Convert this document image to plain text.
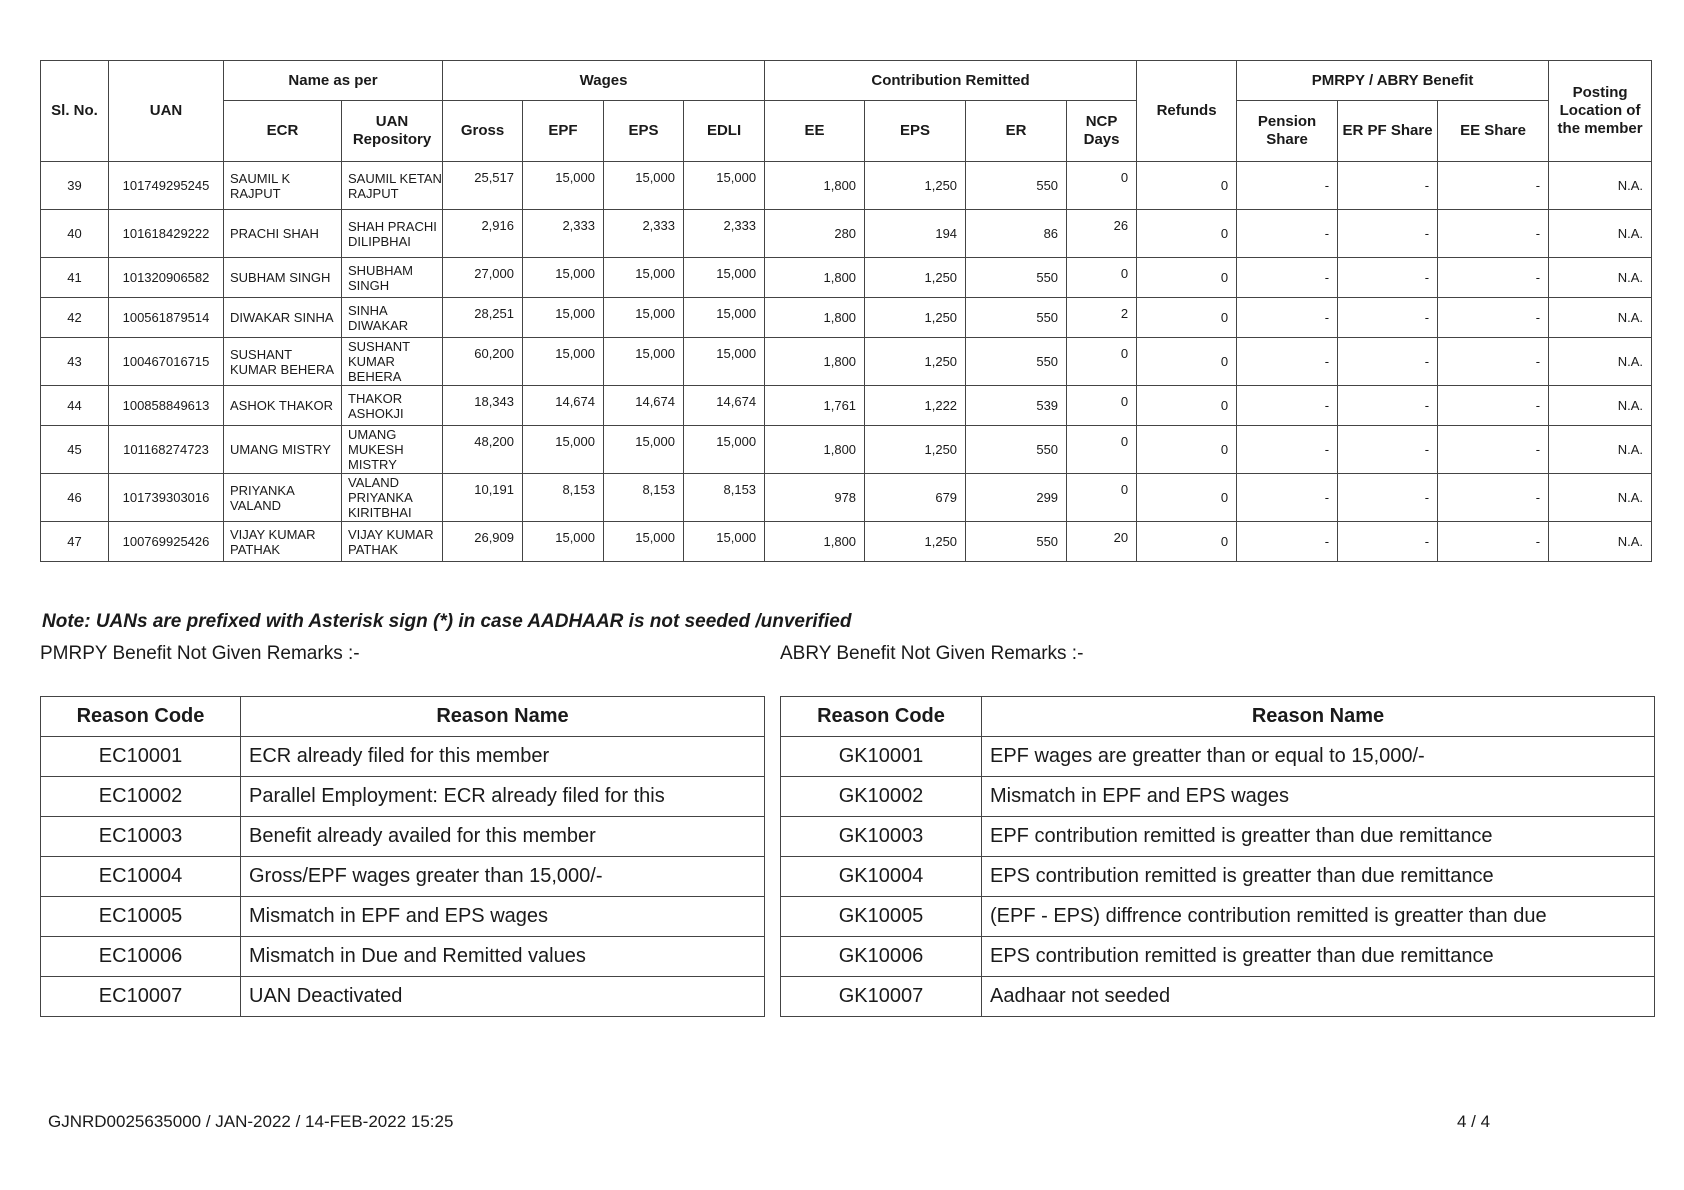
Sl. No.	UAN	Name as per		Wages				Contribution Remitted				Refunds	PMRPY / ABRY Benefit			Posting Location of the member
		ECR	UAN Repository	Gross	EPF	EPS	EDLI	EE	EPS	ER	NCP Days		Pension Share	ER PF Share	EE Share	
39	101749295245	SAUMIL K RAJPUT	SAUMIL KETAN RAJPUT	25,517	15,000	15,000	15,000	1,800	1,250	550	0	0	-	-	-	N.A.
40	101618429222	PRACHI SHAH	SHAH PRACHI DILIPBHAI	2,916	2,333	2,333	2,333	280	194	86	26	0	-	-	-	N.A.
41	101320906582	SUBHAM SINGH	SHUBHAM SINGH	27,000	15,000	15,000	15,000	1,800	1,250	550	0	0	-	-	-	N.A.
42	100561879514	DIWAKAR SINHA	SINHA DIWAKAR	28,251	15,000	15,000	15,000	1,800	1,250	550	2	0	-	-	-	N.A.
43	100467016715	SUSHANT KUMAR BEHERA	SUSHANT KUMAR BEHERA	60,200	15,000	15,000	15,000	1,800	1,250	550	0	0	-	-	-	N.A.
44	100858849613	ASHOK THAKOR	THAKOR ASHOKJI	18,343	14,674	14,674	14,674	1,761	1,222	539	0	0	-	-	-	N.A.
45	101168274723	UMANG MISTRY	UMANG MUKESH MISTRY	48,200	15,000	15,000	15,000	1,800	1,250	550	0	0	-	-	-	N.A.
46	101739303016	PRIYANKA VALAND	VALAND PRIYANKA KIRITBHAI	10,191	8,153	8,153	8,153	978	679	299	0	0	-	-	-	N.A.
47	100769925426	VIJAY KUMAR PATHAK	VIJAY KUMAR PATHAK	26,909	15,000	15,000	15,000	1,800	1,250	550	20	0	-	-	-	N.A.
Note: UANs are prefixed with Asterisk sign (*) in case AADHAAR is not seeded /unverified
PMRPY Benefit Not Given Remarks :-	ABRY Benefit Not Given Remarks :-
Reason Code	Reason Name
EC10001	ECR already filed for this member
EC10002	Parallel Employment: ECR already filed for this
EC10003	Benefit already availed for this member
EC10004	Gross/EPF wages greater than 15,000/-
EC10005	Mismatch in EPF and EPS wages
EC10006	Mismatch in Due and Remitted values
EC10007	UAN Deactivated
Reason Code	Reason Name
GK10001	EPF wages are greatter than or equal to 15,000/-
GK10002	Mismatch in EPF and EPS wages
GK10003	EPF contribution remitted is greatter than due remittance
GK10004	EPS contribution remitted is greatter than due remittance
GK10005	(EPF - EPS) diffrence contribution remitted is greatter than due
GK10006	EPS contribution remitted is greatter than due remittance
GK10007	Aadhaar not seeded
GJNRD0025635000 / JAN-2022 / 14-FEB-2022 15:25	4 / 4
